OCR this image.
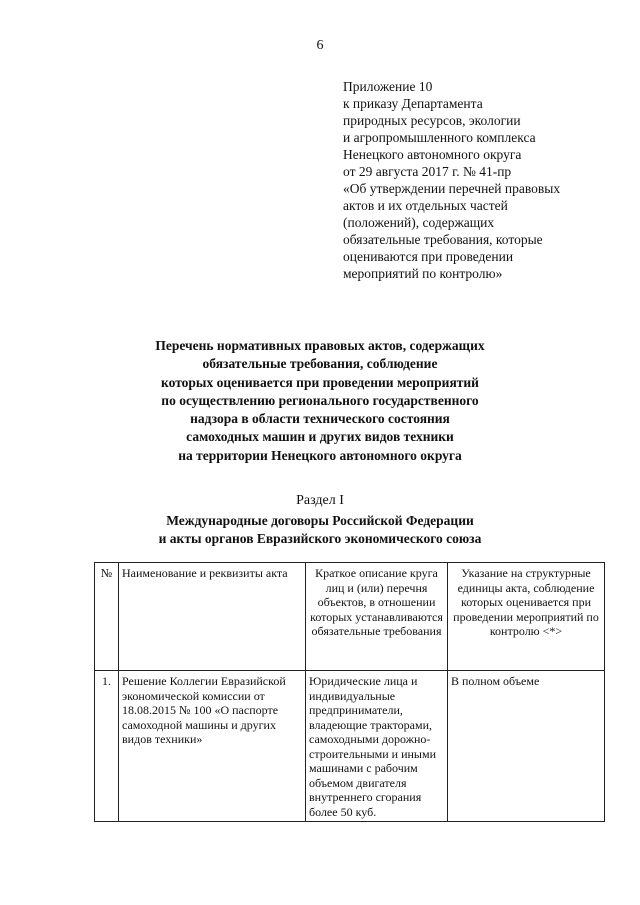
6
Приложение 10
к приказу Департамента
природных ресурсов, экологии
и агропромышленного комплекса
Ненецкого автономного округа
от 29 августа 2017 г. № 41-пр
«Об утверждении перечней правовых
актов и их отдельных частей
(положений), содержащих
обязательные требования, которые
оцениваются при проведении
мероприятий по контролю»
Перечень нормативных правовых актов, содержащих
обязательные требования, соблюдение
которых оценивается при проведении мероприятий
по осуществлению регионального государственного
надзора в области технического состояния
самоходных машин и других видов техники
на территории Ненецкого автономного округа
Раздел I
Международные договоры Российской Федерации
и акты органов Евразийского экономического союза
№	Наименование и реквизиты акта	Краткое описание круга лиц и (или) перечня объектов, в отношении которых устанавливаются обязательные требования	Указание на структурные единицы акта, соблюдение которых оценивается при проведении мероприятий по контролю <*>
1.	Решение Коллегии Евразийской экономической комиссии от 18.08.2015 № 100 «О паспорте самоходной машины и других видов техники»	Юридические лица и индивидуальные предприниматели, владеющие тракторами, самоходными дорожно-строительными и иными машинами с рабочим объемом двигателя внутреннего сгорания более 50 куб.	В полном объеме
